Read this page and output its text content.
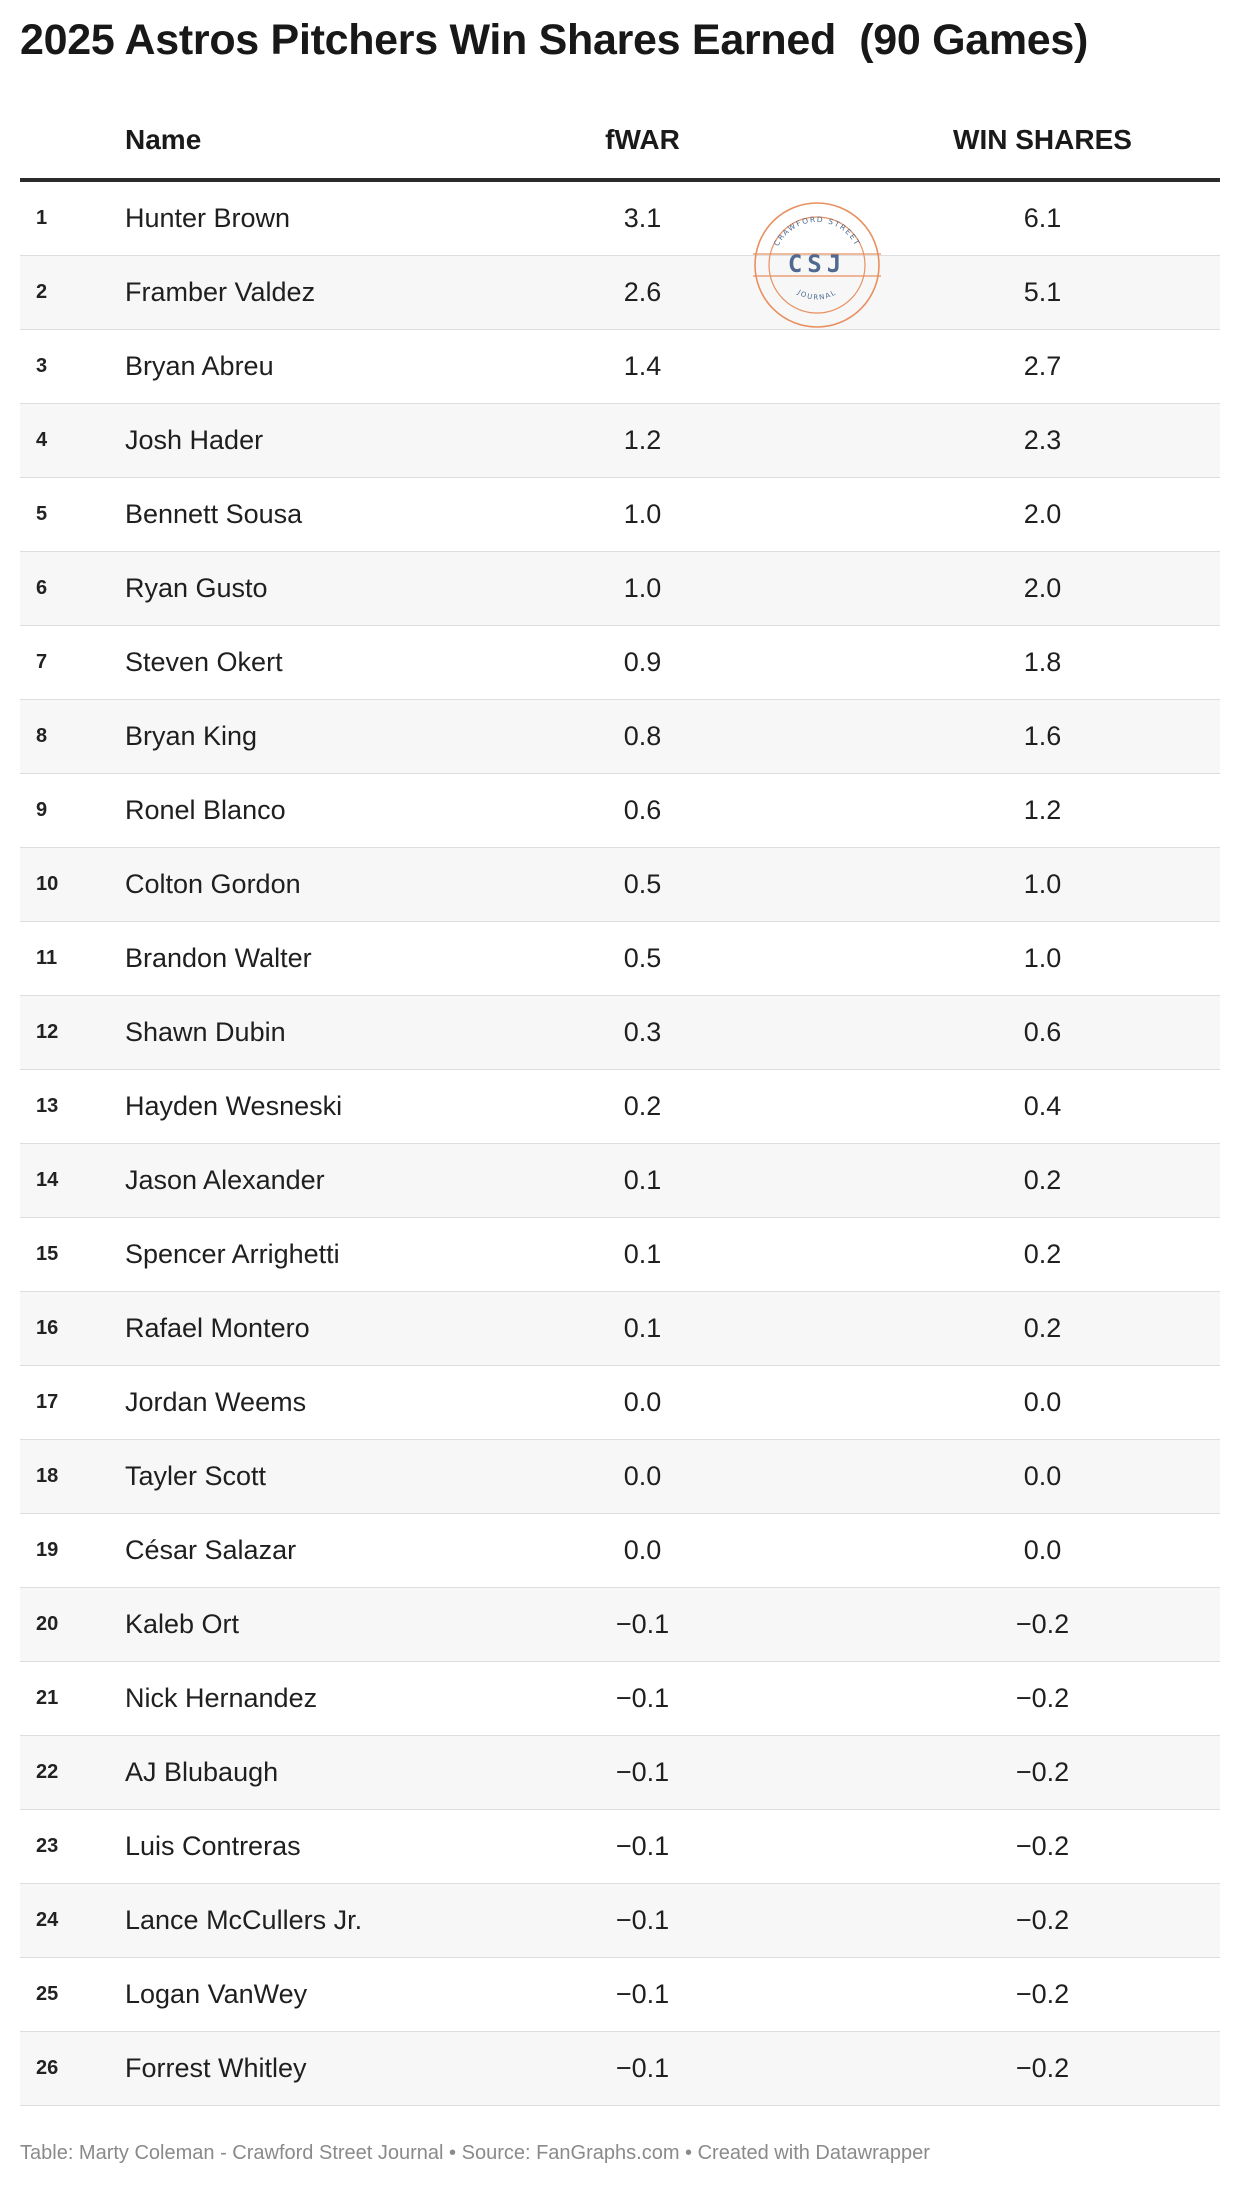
2025 Astros Pitchers Win Shares Earned  (90 Games)
Name	fWAR	WIN SHARES
1	Hunter Brown	3.1	6.1
2	Framber Valdez	2.6	5.1
3	Bryan Abreu	1.4	2.7
4	Josh Hader	1.2	2.3
5	Bennett Sousa	1.0	2.0
6	Ryan Gusto	1.0	2.0
7	Steven Okert	0.9	1.8
8	Bryan King	0.8	1.6
9	Ronel Blanco	0.6	1.2
10 Colton Gordon	0.5	1.0
11	Brandon Walter	0.5	1.0
12 Shawn Dubin	0.3	0.6
13 Hayden Wesneski	0.2	0.4
14 Jason Alexander	0.1	0.2
15 Spencer Arrighetti	0.1	0.2
16 Rafael Montero	0.1	0.2
17 Jordan Weems	0.0	0.0
18 Tayler Scott	0.0	0.0
19 César Salazar	0.0	0.0
20 Kaleb Ort	−0.1	−0.2
21 Nick Hernandez	−0.1	−0.2
22 AJ Blubaugh	−0.1	−0.2
23 Luis Contreras	−0.1	−0.2
24 Lance McCullers Jr.	−0.1	−0.2
25 Logan VanWey	−0.1	−0.2
26 Forrest Whitley	−0.1	−0.2
CRAWFORD STREET
CSJ
JOURNAL
Table: Marty Coleman - Crawford Street Journal • Source: FanGraphs.com • Created with Datawrapper
